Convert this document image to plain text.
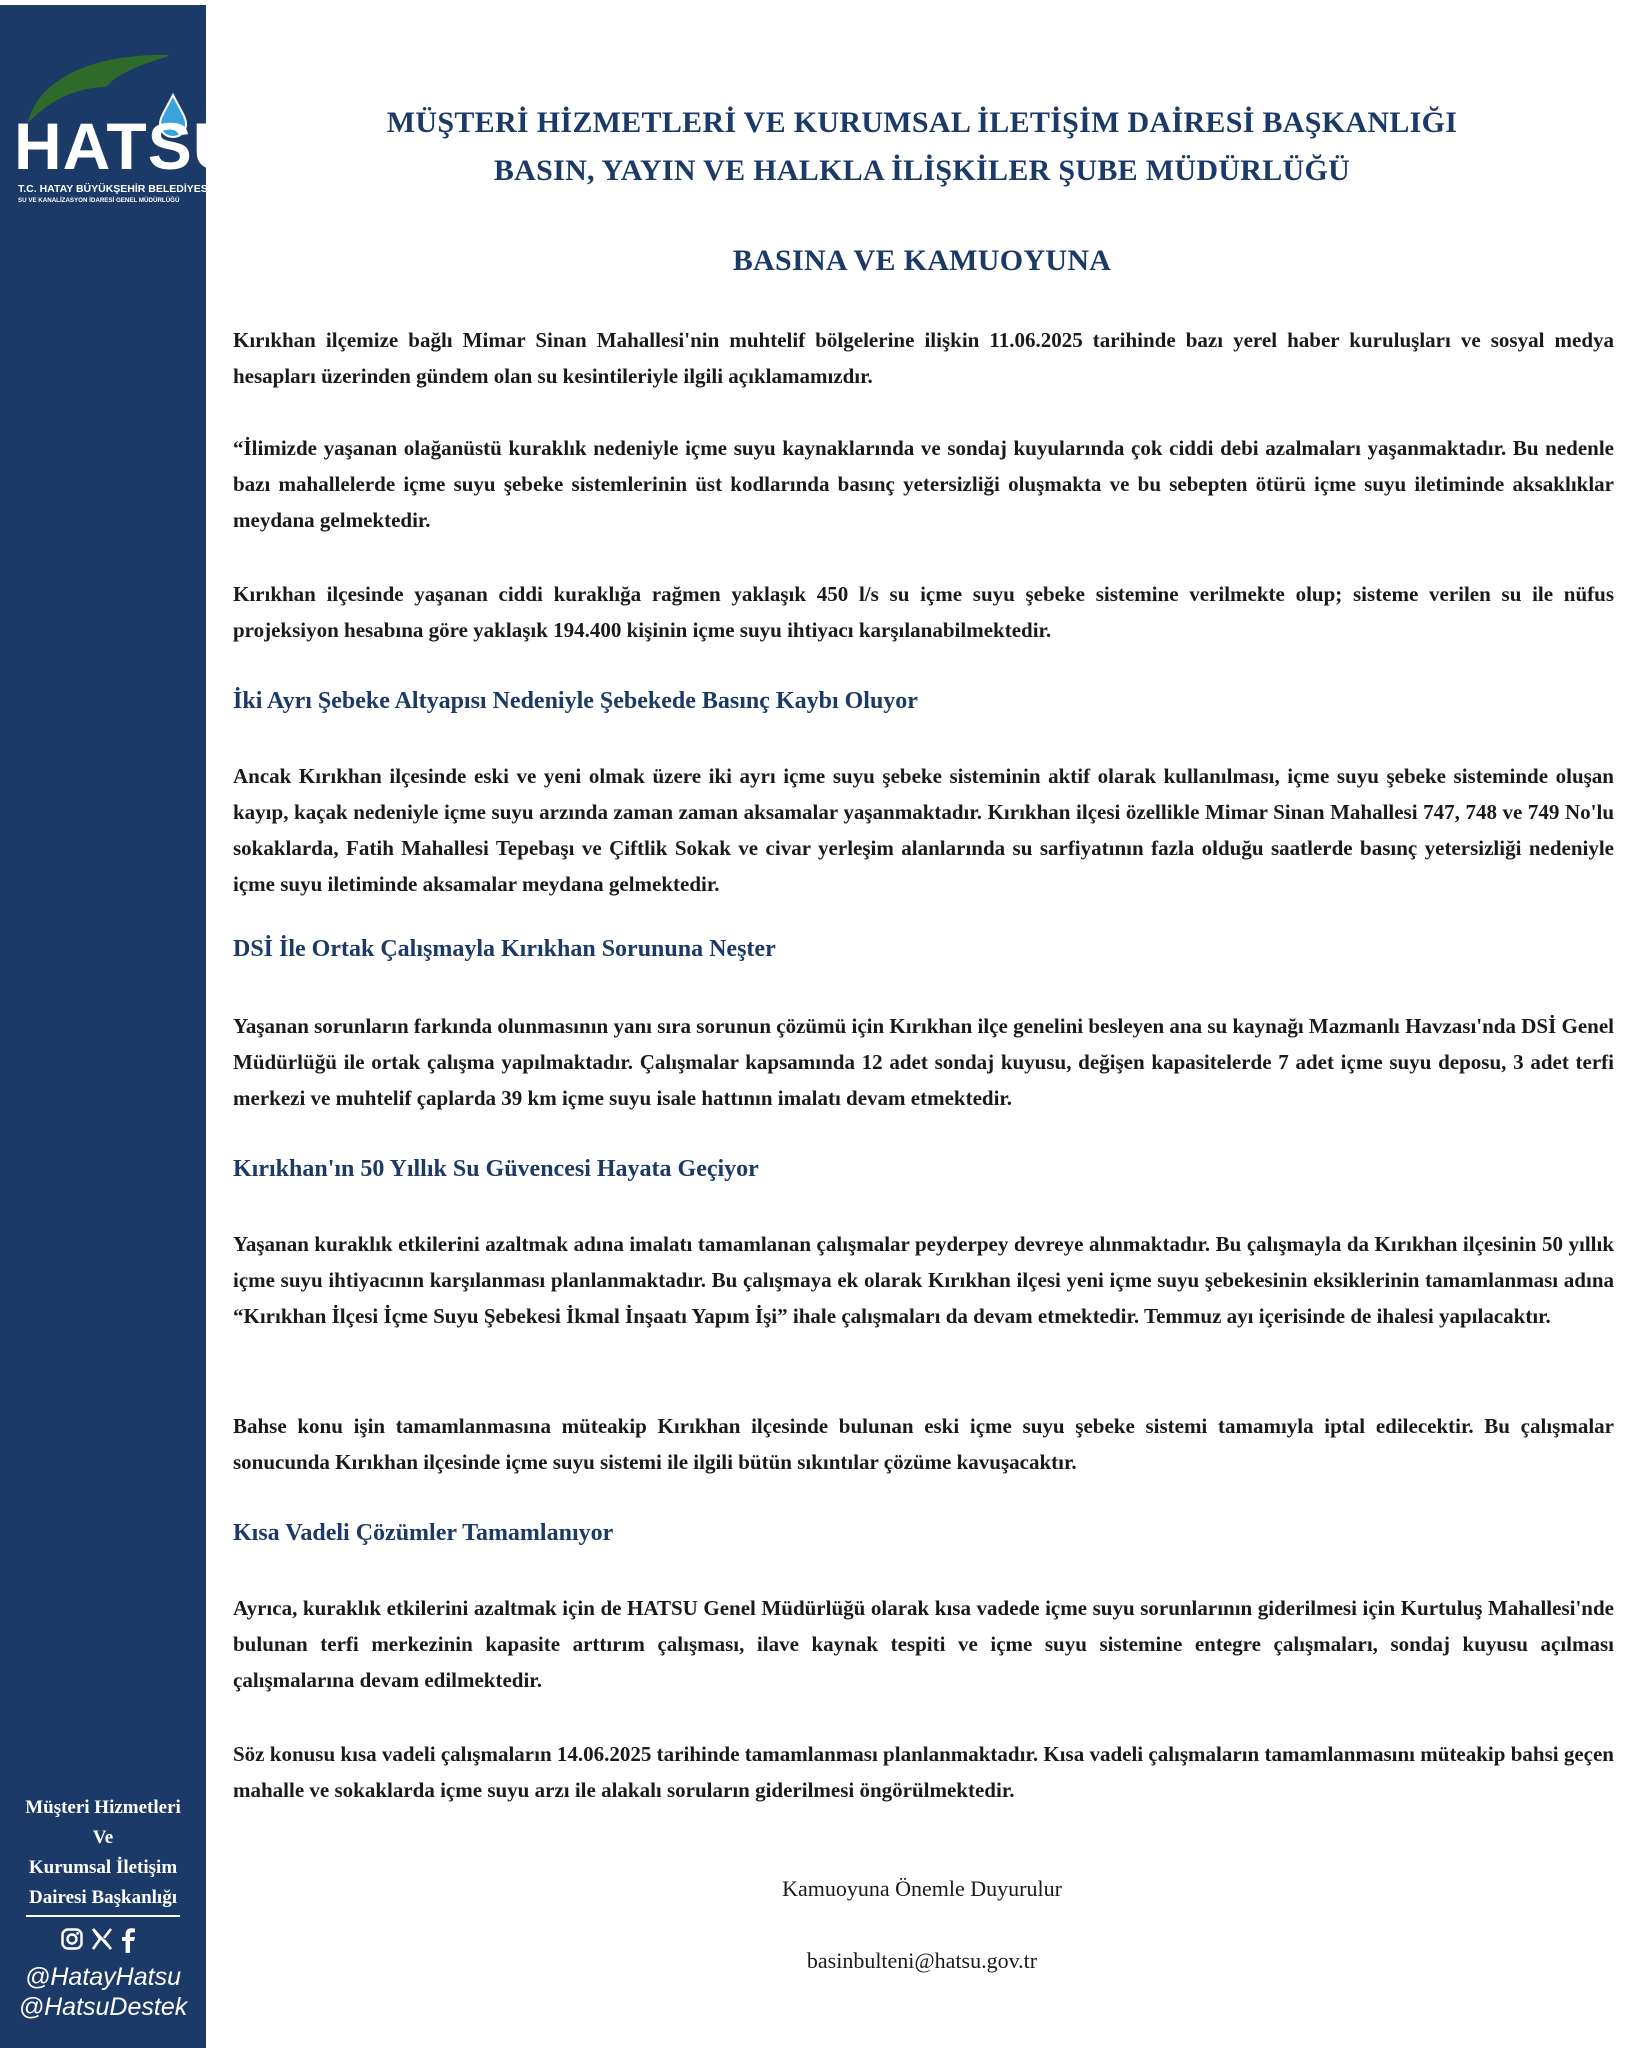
HATSU
T.C. HATAY BÜYÜKŞEHİR BELEDİYESİ
SU VE KANALİZASYON İDARESİ GENEL MÜDÜRLÜĞÜ
Müşteri Hizmetleri
Ve
Kurumsal İletişim
Dairesi Başkanlığı
@HatayHatsu
@HatsuDestek
MÜŞTERİ HİZMETLERİ VE KURUMSAL İLETİŞİM DAİRESİ BAŞKANLIĞI
BASIN, YAYIN VE HALKLA İLİŞKİLER ŞUBE MÜDÜRLÜĞÜ
BASINA VE KAMUOYUNA

Kırıkhan ilçemize bağlı Mimar Sinan Mahallesi'nin muhtelif bölgelerine ilişkin 11.06.2025 tarihinde bazı yerel haber kuruluşları ve sosyal medya hesapları üzerinden gündem olan su kesintileriyle ilgili açıklamamızdır.

“İlimizde yaşanan olağanüstü kuraklık nedeniyle içme suyu kaynaklarında ve sondaj kuyularında çok ciddi debi azalmaları yaşanmaktadır. Bu nedenle bazı mahallelerde içme suyu şebeke sistemlerinin üst kodlarında basınç yetersizliği oluşmakta ve bu sebepten ötürü içme suyu iletiminde aksaklıklar meydana gelmektedir.

Kırıkhan ilçesinde yaşanan ciddi kuraklığa rağmen yaklaşık 450 l/s su içme suyu şebeke sistemine verilmekte olup; sisteme verilen su ile nüfus projeksiyon hesabına göre yaklaşık 194.400 kişinin içme suyu ihtiyacı karşılanabilmektedir.

İki Ayrı Şebeke Altyapısı Nedeniyle Şebekede Basınç Kaybı Oluyor

Ancak Kırıkhan ilçesinde eski ve yeni olmak üzere iki ayrı içme suyu şebeke sisteminin aktif olarak kullanılması, içme suyu şebeke sisteminde oluşan kayıp, kaçak nedeniyle içme suyu arzında zaman zaman aksamalar yaşanmaktadır. Kırıkhan ilçesi özellikle Mimar Sinan Mahallesi 747, 748 ve 749 No'lu sokaklarda, Fatih Mahallesi Tepebaşı ve Çiftlik Sokak ve civar yerleşim alanlarında su sarfiyatının fazla olduğu saatlerde basınç yetersizliği nedeniyle içme suyu iletiminde aksamalar meydana gelmektedir.

DSİ İle Ortak Çalışmayla Kırıkhan Sorununa Neşter

Yaşanan sorunların farkında olunmasının yanı sıra sorunun çözümü için Kırıkhan ilçe genelini besleyen ana su kaynağı Mazmanlı Havzası'nda DSİ Genel Müdürlüğü ile ortak çalışma yapılmaktadır. Çalışmalar kapsamında 12 adet sondaj kuyusu, değişen kapasitelerde 7 adet içme suyu deposu, 3 adet terfi merkezi ve muhtelif çaplarda 39 km içme suyu isale hattının imalatı devam etmektedir.

Kırıkhan'ın 50 Yıllık Su Güvencesi Hayata Geçiyor

Yaşanan kuraklık etkilerini azaltmak adına imalatı tamamlanan çalışmalar peyderpey devreye alınmaktadır. Bu çalışmayla da Kırıkhan ilçesinin 50 yıllık içme suyu ihtiyacının karşılanması planlanmaktadır. Bu çalışmaya ek olarak Kırıkhan ilçesi yeni içme suyu şebekesinin eksiklerinin tamamlanması adına “Kırıkhan İlçesi İçme Suyu Şebekesi İkmal İnşaatı Yapım İşi” ihale çalışmaları da devam etmektedir. Temmuz ayı içerisinde de ihalesi yapılacaktır.

Bahse konu işin tamamlanmasına müteakip Kırıkhan ilçesinde bulunan eski içme suyu şebeke sistemi tamamıyla iptal edilecektir. Bu çalışmalar sonucunda Kırıkhan ilçesinde içme suyu sistemi ile ilgili bütün sıkıntılar çözüme kavuşacaktır.

Kısa Vadeli Çözümler Tamamlanıyor

Ayrıca, kuraklık etkilerini azaltmak için de HATSU Genel Müdürlüğü olarak kısa vadede içme suyu sorunlarının giderilmesi için Kurtuluş Mahallesi'nde bulunan terfi merkezinin kapasite arttırım çalışması, ilave kaynak tespiti ve içme suyu sistemine entegre çalışmaları, sondaj kuyusu açılması çalışmalarına devam edilmektedir.

Söz konusu kısa vadeli çalışmaların 14.06.2025 tarihinde tamamlanması planlanmaktadır. Kısa vadeli çalışmaların tamamlanmasını müteakip bahsi geçen mahalle ve sokaklarda içme suyu arzı ile alakalı soruların giderilmesi öngörülmektedir.

Kamuoyuna Önemle Duyurulur
basinbulteni@hatsu.gov.tr
